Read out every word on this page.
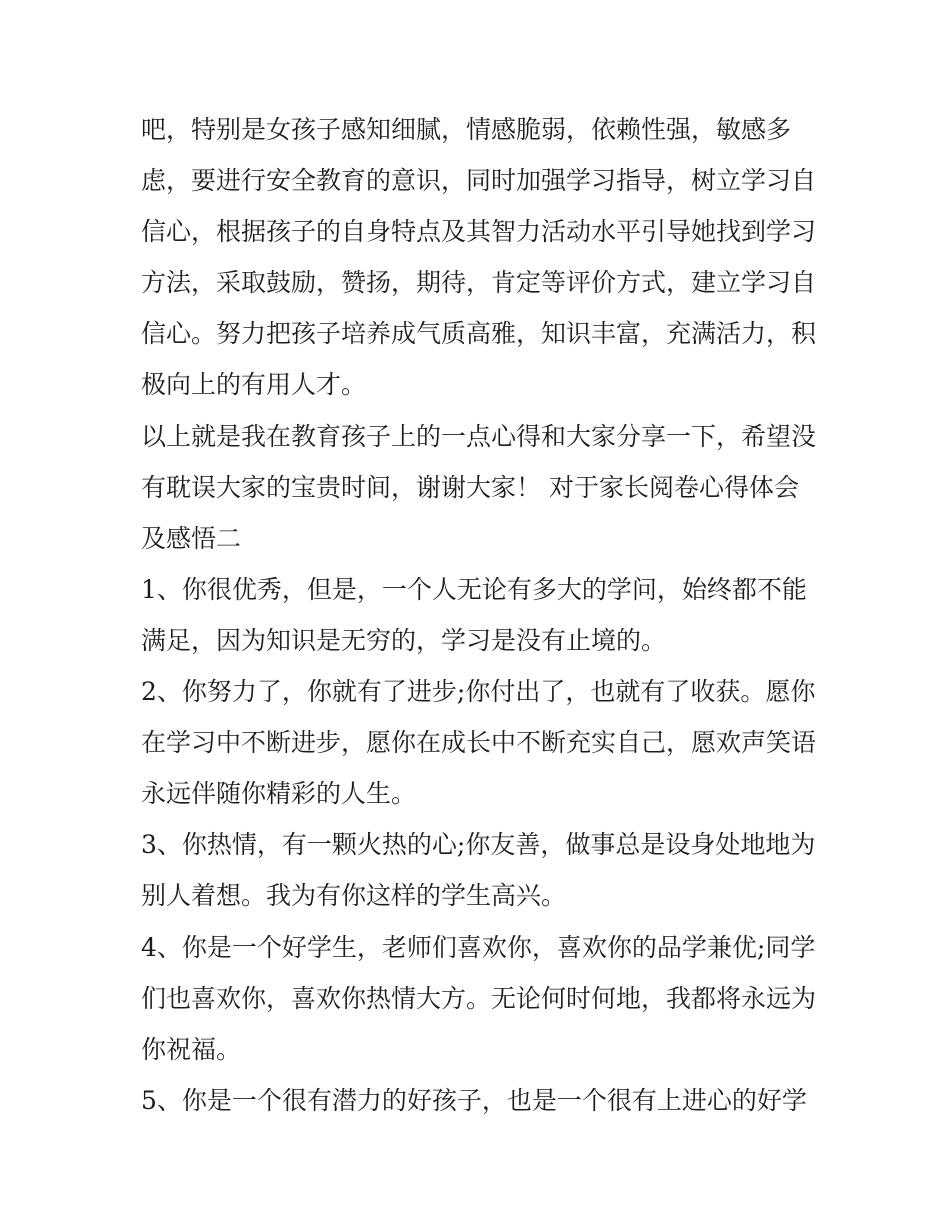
吧，特别是女孩子感知细腻，情感脆弱，依赖性强，敏感多
虑，要进行安全教育的意识，同时加强学习指导，树立学习自
信心，根据孩子的自身特点及其智力活动水平引导她找到学习
方法，采取鼓励，赞扬，期待，肯定等评价方式，建立学习自
信心。努力把孩子培养成气质高雅，知识丰富，充满活力，积
极向上的有用人才。
以上就是我在教育孩子上的一点心得和大家分享一下，希望没
有耽误大家的宝贵时间，谢谢大家！ 对于家长阅卷心得体会
及感悟二
1、你很优秀，但是，一个人无论有多大的学问，始终都不能
满足，因为知识是无穷的，学习是没有止境的。
2、你努力了，你就有了进步;你付出了，也就有了收获。愿你
在学习中不断进步，愿你在成长中不断充实自己，愿欢声笑语
永远伴随你精彩的人生。
3、你热情，有一颗火热的心;你友善，做事总是设身处地地为
别人着想。我为有你这样的学生高兴。
4、你是一个好学生，老师们喜欢你，喜欢你的品学兼优;同学
们也喜欢你，喜欢你热情大方。无论何时何地，我都将永远为
你祝福。
5、你是一个很有潜力的好孩子，也是一个很有上进心的好学
